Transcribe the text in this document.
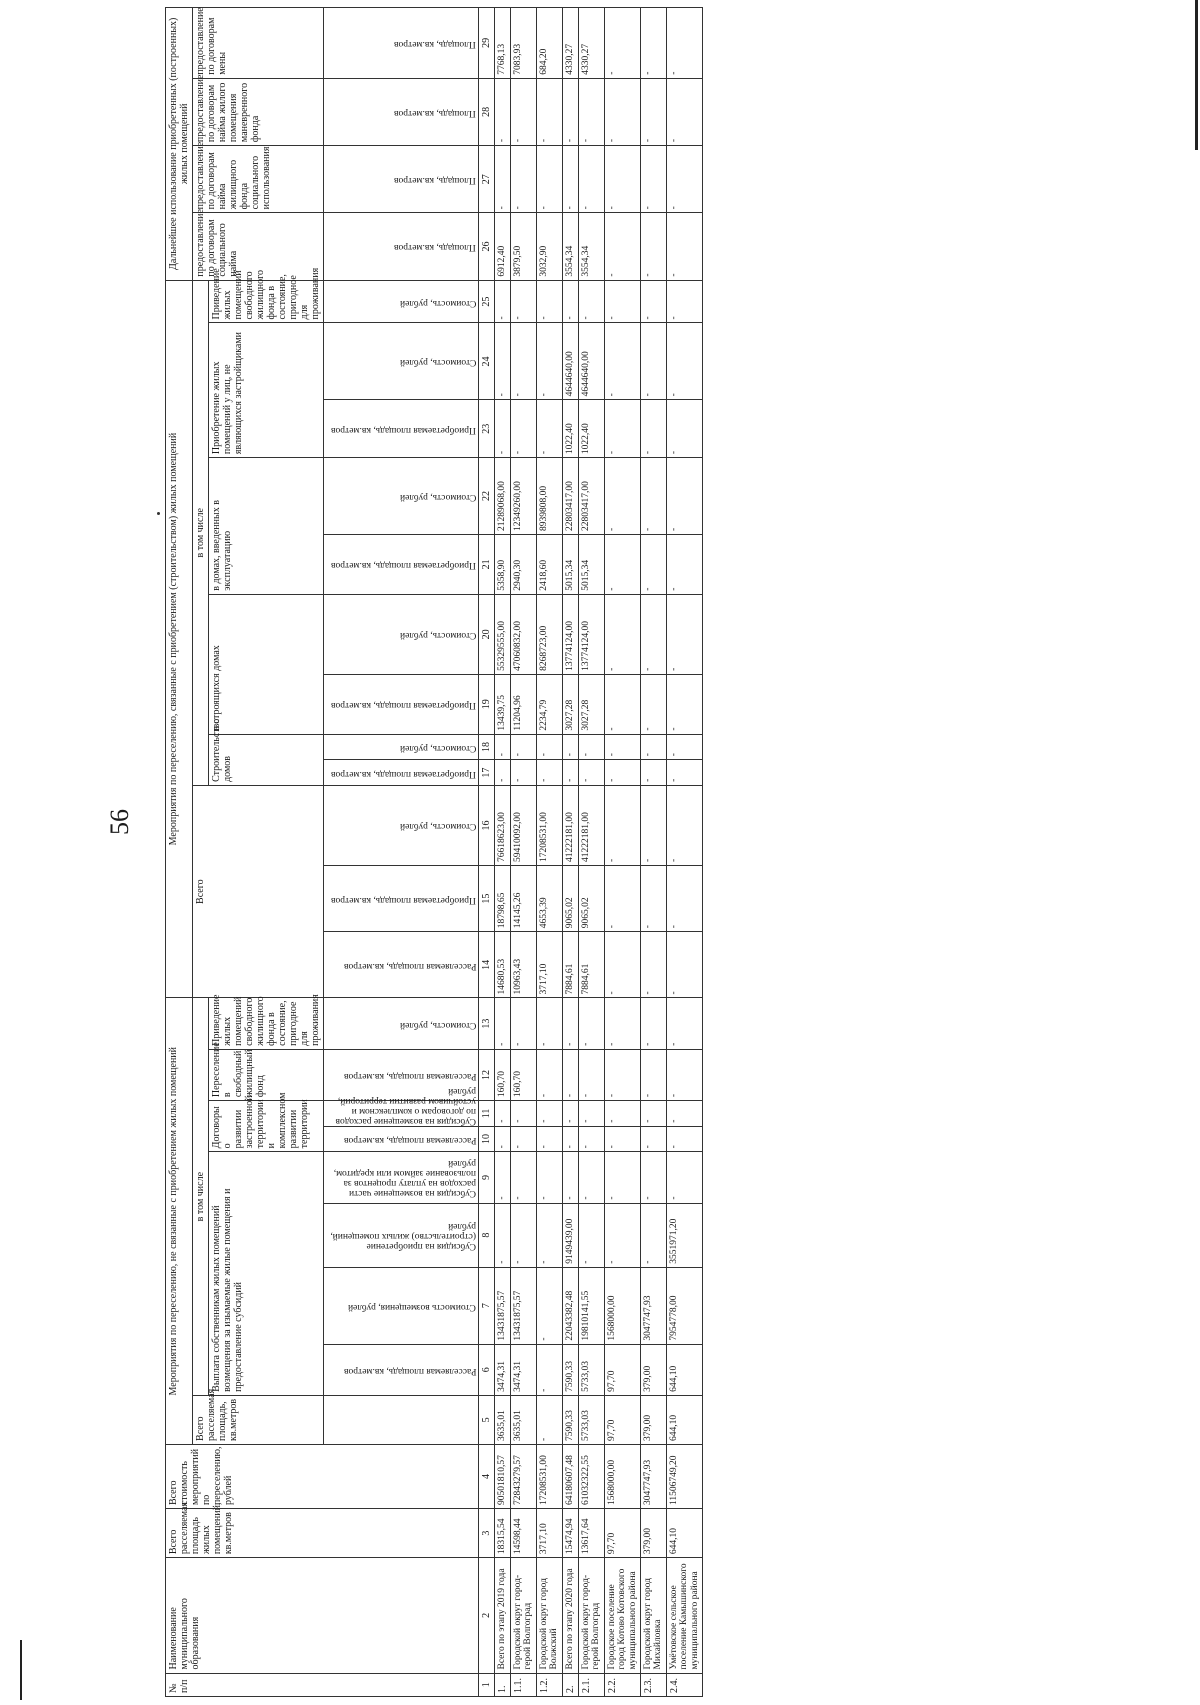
56
№ п/п	Наименование муниципального образования	Всего расселяемая площадь жилых помещений, кв.метров	Всего стоимость мероприятий по переселению, рублей	Мероприятия по переселению, не связанные с приобретением жилых помещений									Мероприятия по переселению, связанные с приобретением (строительством) жилых помещений												Дальнейшее использование приобретенных (построенных) жилых помещений			
				Всего расселяемая площадь, кв.метров	в том числе								Всего			в том числе									предоставление по договорам социального найма	предоставление по договорам найма жилищного фонда социального использования	предоставление по договорам найма жилого помещения маневренного фонда	предоставление по договорам мены
					Выплата собственникам жилых помещений возмещения за изымаемые жилые помещения и предоставление субсидий				Договоры о развитии застроенной территории и комплексном развитии территории		Переселение в свободный жилищный фонд	Приведение жилых помещений свободного жилищного фонда в состояние, пригодное для проживания				Строительство домов		в строящихся домах		в домах, введенных в эксплуатацию		Приобретение жилых помещений у лиц, не являющихся застройщиками		Приведение жилых помещений свободного жилищного фонда в состояние, пригодное для проживания				

					Расселяемая площадь, кв.метров	Стоимость возмещения, рублей	Субсидия на приобретение (строительство) жилых помещений, рублей	Субсидия на возмещение части расходов на уплату процентов за пользование займом или кредитом, рублей	Расселяемая площадь, кв.метров	Субсидия на возмещение расходов по договорам о комплексном и устойчивом развитии территорий, рублей	Расселяемая площадь, кв.метров	Стоимость, рублей	Расселяемая площадь, кв.метров	Приобретаемая площадь, кв.метров	Стоимость, рублей	Приобретаемая площадь, кв.метров	Стоимость, рублей	Приобретаемая площадь, кв.метров	Стоимость, рублей	Приобретаемая площадь, кв.метров	Стоимость, рублей	Приобретаемая площадь, кв.метров	Стоимость, рублей	Стоимость, рублей	Площадь, кв.метров	Площадь, кв.метров	Площадь, кв.метров	Площадь, кв.метров

1	2	3	4	5	6	7	8	9	10	11	12	13	14	15	16	17	18	19	20	21	22	23	24	25	26	27	28	29
1.	Всего по этапу 2019 года	18315,54	90501810,57	3635,01	3474,31	13431875,57	-	-	-	-	160,70	-	14680,53	18798,65	76618623,00	-	-	13439,75	55329555,00	5358,90	21289068,00	-	-	-	6912,40	-	-	7768,13
1.1.	Городской округ город-герой Волгоград	14598,44	72843279,57	3635,01	3474,31	13431875,57	-	-	-	-	160,70	-	10963,43	14145,26	59410092,00	-	-	11204,96	47060832,00	2940,30	12349260,00	-	-	-	3879,50	-	-	7083,93
1.2.	Городской округ город Волжский	3717,10	17208531,00	-	-	-	-	-	-	-	-	-	3717,10	4653,39	17208531,00	-	-	2234,79	8268723,00	2418,60	8939808,00	-	-	-	3032,90	-	-	684,20
2.	Всего по этапу 2020 года	15474,94	64180607,48	7590,33	7590,33	22043382,48	9149439,00	-	-	-	-	-	7884,61	9065,02	41222181,00	-	-	3027,28	13774124,00	5015,34	22803417,00	1022,40	4644640,00	-	3554,34	-	-	4330,27
2.1.	Городской округ город-герой Волгоград	13617,64	61032322,55	5733,03	5733,03	19810141,55	-	-	-	-	-	-	7884,61	9065,02	41222181,00	-	-	3027,28	13774124,00	5015,34	22803417,00	1022,40	4644640,00	-	3554,34	-	-	4330,27
2.2.	Городское поселение город Котово Котовского муниципального района	97,70	1568000,00	97,70	97,70	1568000,00	-	-	-	-	-	-	-	-	-	-	-	-	-	-	-	-	-	-	-	-	-	-
2.3.	Городской округ город Михайловка	379,00	3047747,93	379,00	379,00	3047747,93	-	-	-	-	-	-	-	-	-	-	-	-	-	-	-	-	-	-	-	-	-	-
2.4.	Умётовское сельское поселение Камышинского муниципального района	644,10	11506749,20	644,10	644,10	7954778,00	3551971,20	-	-	-	-	-	-	-	-	-	-	-	-	-	-	-	-	-	-	-	-	-
